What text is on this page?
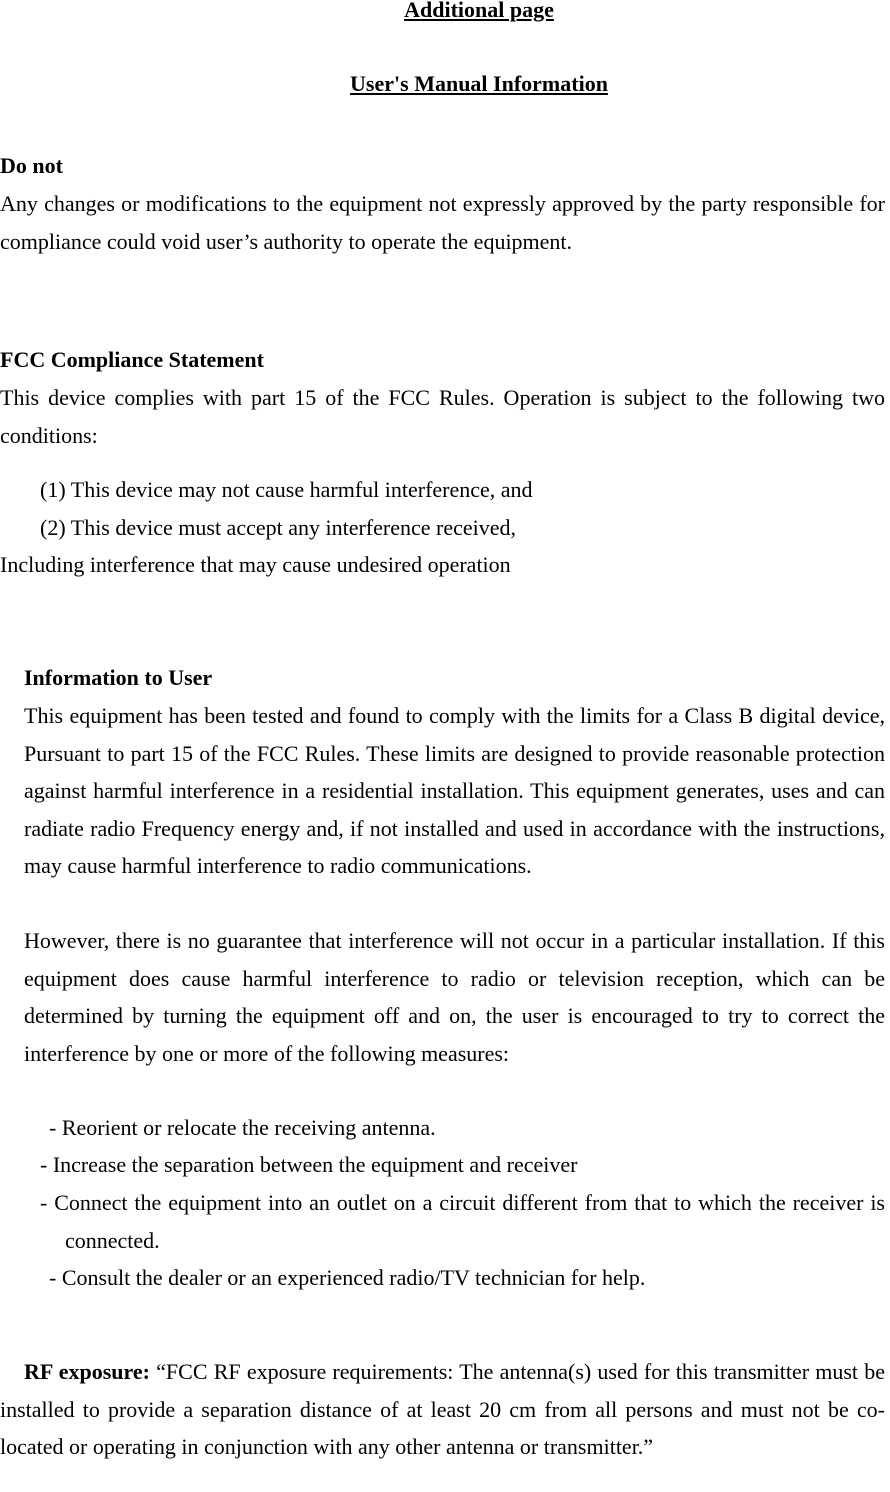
Additional page
User's Manual Information
Do not
Any changes or modifications to the equipment not expressly approved by the party responsible for compliance could void user’s authority to operate the equipment.
FCC Compliance Statement
This device complies with part 15 of the FCC Rules. Operation is subject to the following two conditions:
(1) This device may not cause harmful interference, and
(2) This device must accept any interference received,
Including interference that may cause undesired operation
Information to User
This equipment has been tested and found to comply with the limits for a Class B digital device, Pursuant to part 15 of the FCC Rules. These limits are designed to provide reasonable protection against harmful interference in a residential installation. This equipment generates, uses and can radiate radio Frequency energy and, if not installed and used in accordance with the instructions, may cause harmful interference to radio communications.
However, there is no guarantee that interference will not occur in a particular installation. If this equipment does cause harmful interference to radio or television reception, which can be determined by turning the equipment off and on, the user is encouraged to try to correct the interference by one or more of the following measures:
- Reorient or relocate the receiving antenna.
- Increase the separation between the equipment and receiver
- Connect the equipment into an outlet on a circuit different from that to which the receiver is connected.
- Consult the dealer or an experienced radio/TV technician for help.
RF exposure: “FCC RF exposure requirements: The antenna(s) used for this transmitter must be installed to provide a separation distance of at least 20 cm from all persons and must not be co-located or operating in conjunction with any other antenna or transmitter.”
